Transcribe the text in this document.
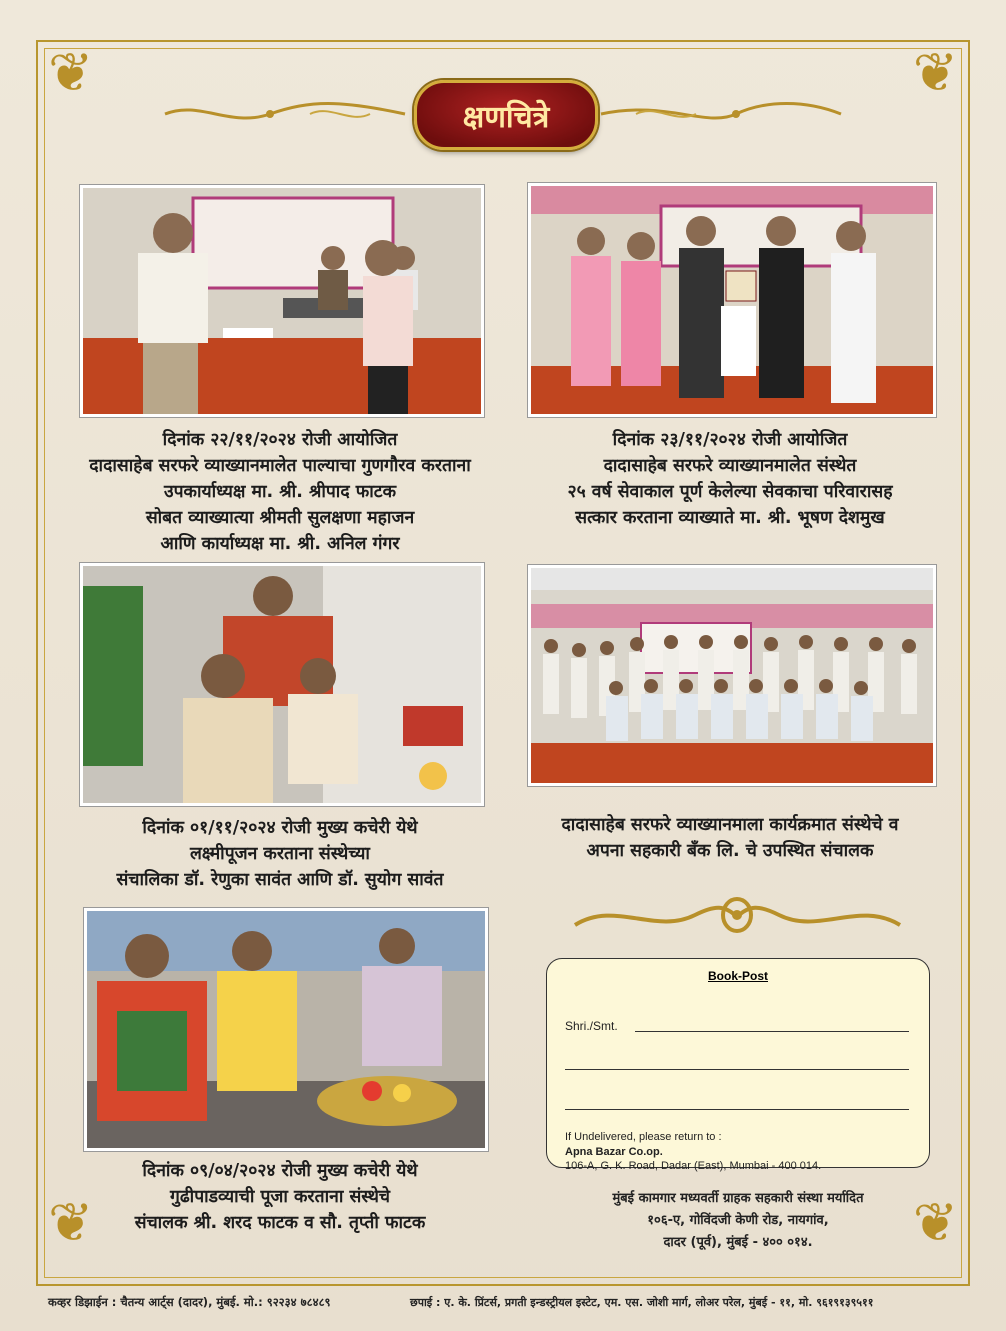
❦	❦
❦	❦
क्षणचित्रे
दिनांक २२/११/२०२४ रोजी आयोजित
दादासाहेब सरफरे व्याख्यानमालेत पाल्याचा गुणगौरव करताना
उपकार्याध्यक्ष मा. श्री. श्रीपाद फाटक
सोबत व्याख्यात्या श्रीमती सुलक्षणा महाजन
आणि कार्याध्यक्ष मा. श्री. अनिल गंगर
दिनांक २३/११/२०२४ रोजी आयोजित
दादासाहेब सरफरे व्याख्यानमालेत संस्थेत
२५ वर्ष सेवाकाल पूर्ण केलेल्या सेवकाचा परिवारासह
सत्कार करताना व्याख्याते मा. श्री. भूषण देशमुख
दिनांक ०१/११/२०२४ रोजी मुख्य कचेरी येथे
लक्ष्मीपूजन करताना संस्थेच्या
संचालिका डॉ. रेणुका सावंत आणि डॉ. सुयोग सावंत
दादासाहेब सरफरे व्याख्यानमाला कार्यक्रमात संस्थेचे व
अपना सहकारी बँक लि. चे उपस्थित संचालक
दिनांक ०९/०४/२०२४ रोजी मुख्य कचेरी येथे
गुढीपाडव्याची पूजा करताना संस्थेचे
संचालक श्री. शरद फाटक व सौ. तृप्ती फाटक
Book-Post
Shri./Smt.
If Undelivered, please return to :
Apna Bazar Co.op.
106-A, G. K. Road, Dadar (East), Mumbai - 400 014.
मुंबई कामगार मध्यवर्ती ग्राहक सहकारी संस्था मर्यादित
१०६-ए, गोविंदजी केणी रोड, नायगांव,
दादर (पूर्व), मुंबई - ४०० ०१४.
कव्हर डिझाईन : चैतन्य आर्ट्स (दादर), मुंबई. मो.: ९२२३४ ७८४८९	छपाई : ए. के. प्रिंटर्स, प्रगती इन्डस्ट्रीयल इस्टेट, एम. एस. जोशी मार्ग, लोअर परेल, मुंबई - ११, मो. ९६१९१३९५११
